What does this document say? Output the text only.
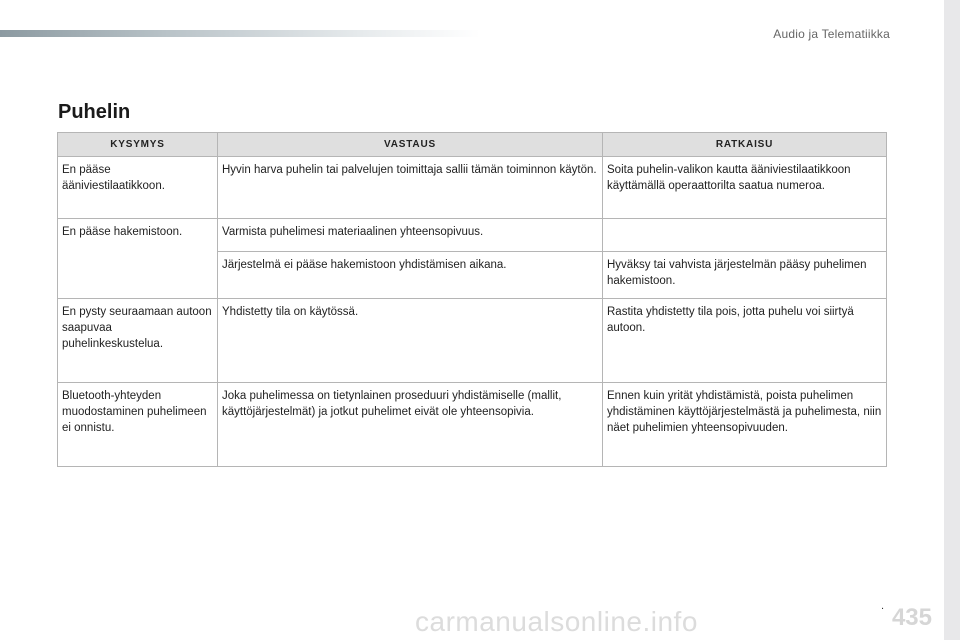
Audio ja Telematiikka
Puhelin
KYSYMYS	VASTAUS	RATKAISU
En pääse ääniviestilaatikkoon.	Hyvin harva puhelin tai palvelujen toimittaja sallii tämän toiminnon käytön.	Soita puhelin-valikon kautta ääniviestilaatikkoon käyttämällä operaattorilta saatua numeroa.
En pääse hakemistoon.	Varmista puhelimesi materiaalinen yhteensopivuus.	
	Järjestelmä ei pääse hakemistoon yhdistämisen aikana.	Hyväksy tai vahvista järjestelmän pääsy puhelimen hakemistoon.
En pysty seuraamaan autoon saapuvaa puhelinkeskustelua.	Yhdistetty tila on käytössä.	Rastita yhdistetty tila pois, jotta puhelu voi siirtyä autoon.
Bluetooth-yhteyden muodostaminen puhelimeen ei onnistu.	Joka puhelimessa on tietynlainen proseduuri yhdistämiselle (mallit, käyttöjärjestelmät) ja jotkut puhelimet eivät ole yhteensopivia.	Ennen kuin yrität yhdistämistä, poista puhelimen yhdistäminen käyttöjärjestelmästä ja puhelimesta, niin näet puhelimien yhteensopivuuden.
. 435
carmanualsonline.info
